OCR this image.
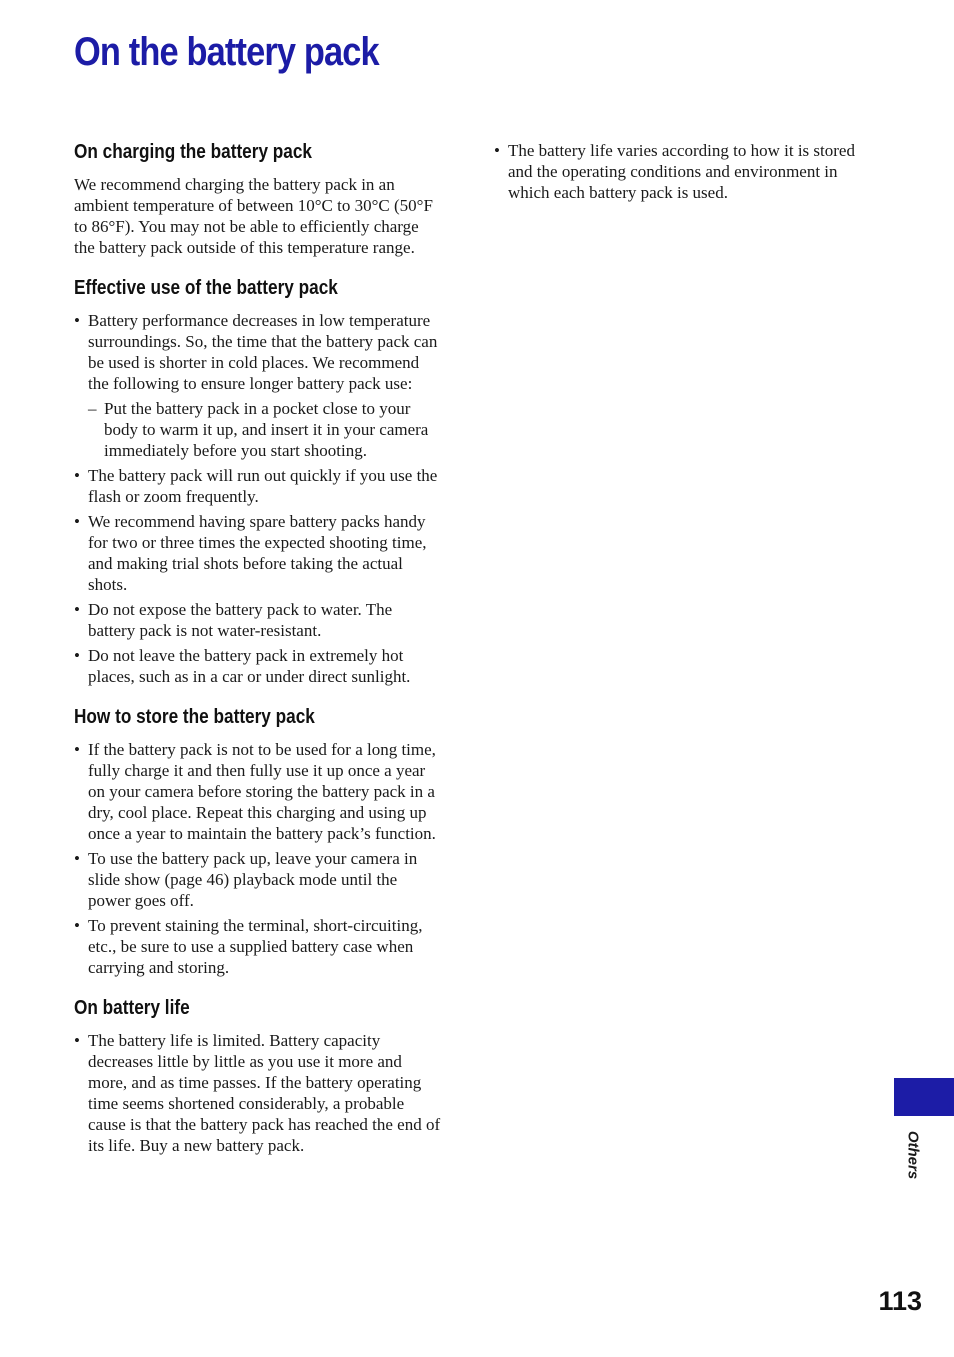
On the battery pack
On charging the battery pack

We recommend charging the battery pack in an ambient temperature of between 10°C to 30°C (50°F to 86°F). You may not be able to efficiently charge the battery pack outside of this temperature range.

Effective use of the battery pack
• Battery performance decreases in low temperature surroundings. So, the time that the battery pack can be used is shorter in cold places. We recommend the following to ensure longer battery pack use:
– Put the battery pack in a pocket close to your body to warm it up, and insert it in your camera immediately before you start shooting.
• The battery pack will run out quickly if you use the flash or zoom frequently.
• We recommend having spare battery packs handy for two or three times the expected shooting time, and making trial shots before taking the actual shots.
• Do not expose the battery pack to water. The battery pack is not water-resistant.
• Do not leave the battery pack in extremely hot places, such as in a car or under direct sunlight.
How to store the battery pack
• If the battery pack is not to be used for a long time, fully charge it and then fully use it up once a year on your camera before storing the battery pack in a dry, cool place. Repeat this charging and using up once a year to maintain the battery pack’s function.
• To use the battery pack up, leave your camera in slide show (page 46) playback mode until the power goes off.
• To prevent staining the terminal, short-circuiting, etc., be sure to use a supplied battery case when carrying and storing.
On battery life
• The battery life is limited. Battery capacity decreases little by little as you use it more and more, and as time passes. If the battery operating time seems shortened considerably, a probable cause is that the battery pack has reached the end of its life. Buy a new battery pack.
• The battery life varies according to how it is stored and the operating conditions and environment in which each battery pack is used.
Others
113
